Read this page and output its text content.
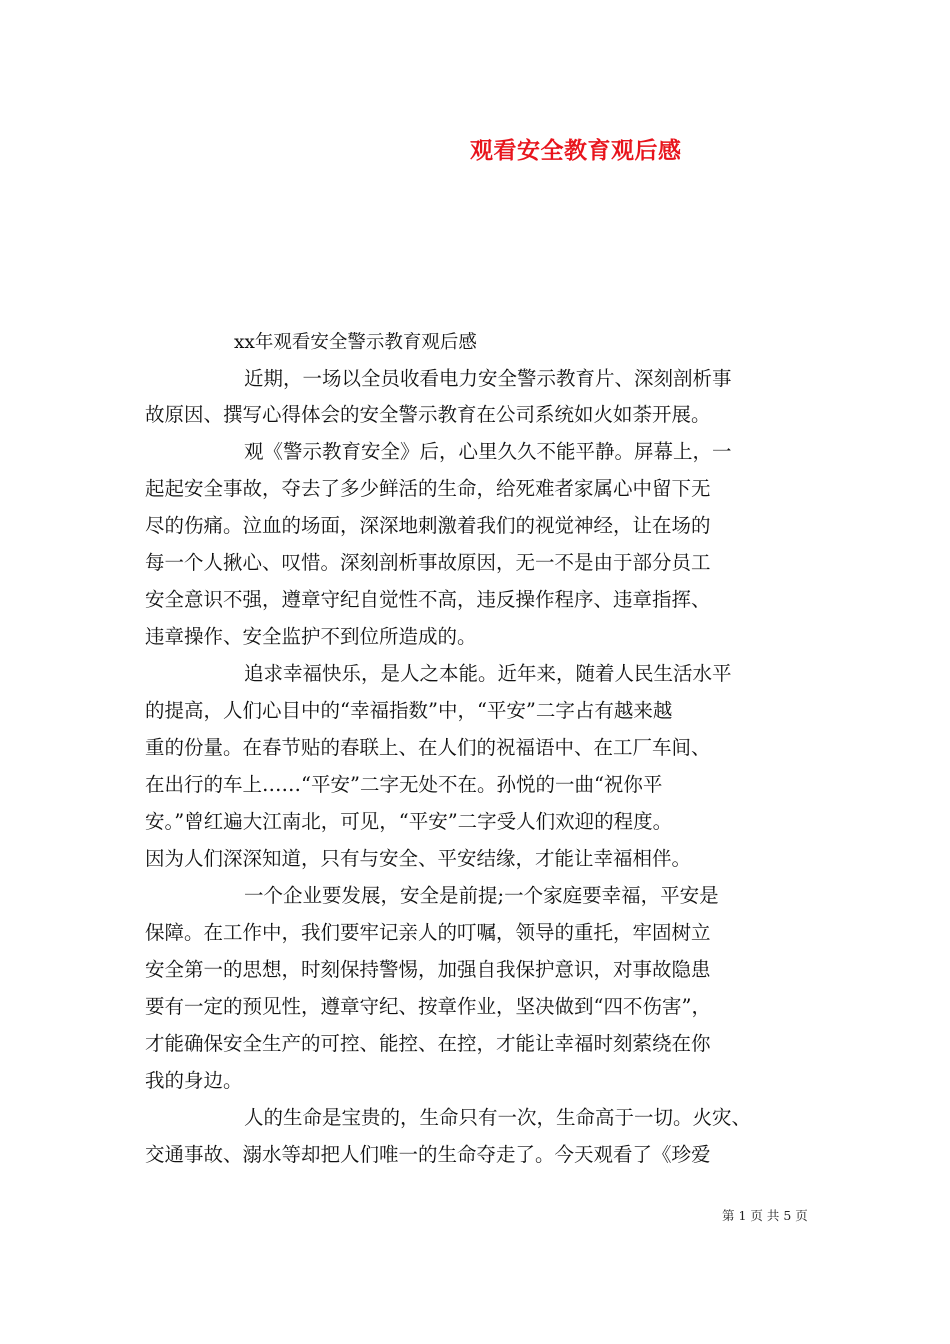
观看安全教育观后感
xx年观看安全警示教育观后感
近期，一场以全员收看电力安全警示教育片、深刻剖析事
故原因、撰写心得体会的安全警示教育在公司系统如火如荼开展。
观《警示教育安全》后，心里久久不能平静。屏幕上，一
起起安全事故，夺去了多少鲜活的生命，给死难者家属心中留下无
尽的伤痛。泣血的场面，深深地刺激着我们的视觉神经，让在场的
每一个人揪心、叹惜。深刻剖析事故原因，无一不是由于部分员工
安全意识不强，遵章守纪自觉性不高，违反操作程序、违章指挥、
违章操作、安全监护不到位所造成的。
追求幸福快乐，是人之本能。近年来，随着人民生活水平
的提高，人们心目中的“幸福指数”中，“平安”二字占有越来越
重的份量。在春节贴的春联上、在人们的祝福语中、在工厂车间、
在出行的车上……“平安”二字无处不在。孙悦的一曲“祝你平
安。”曾红遍大江南北，可见，“平安”二字受人们欢迎的程度。
因为人们深深知道，只有与安全、平安结缘，才能让幸福相伴。
一个企业要发展，安全是前提;一个家庭要幸福，平安是
保障。在工作中，我们要牢记亲人的叮嘱，领导的重托，牢固树立
安全第一的思想，时刻保持警惕，加强自我保护意识，对事故隐患
要有一定的预见性，遵章守纪、按章作业，坚决做到“四不伤害”，
才能确保安全生产的可控、能控、在控，才能让幸福时刻萦绕在你
我的身边。
人的生命是宝贵的，生命只有一次，生命高于一切。火灾、
交通事故、溺水等却把人们唯一的生命夺走了。今天观看了《珍爱
第 1 页 共 5 页
